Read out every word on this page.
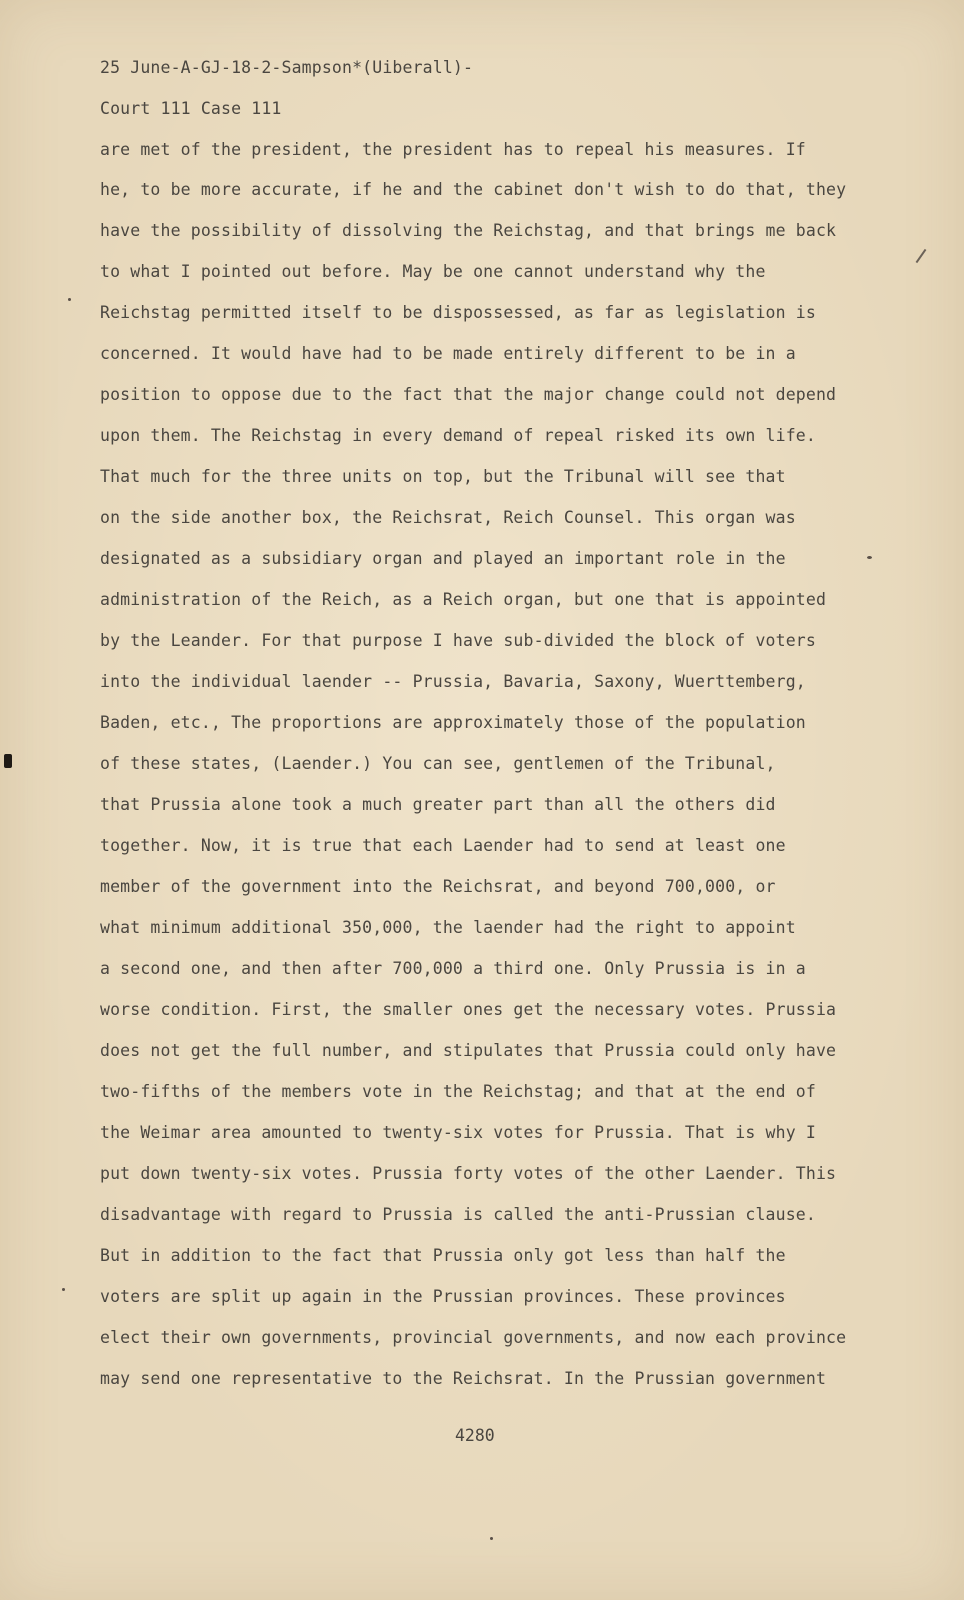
25 June-A-GJ-18-2-Sampson*(Uiberall)-
Court 111 Case 111
are met of the president, the president has to repeal his measures. If
he, to be more accurate, if he and the cabinet don't wish to do that, they
have the possibility of dissolving the Reichstag, and that brings me back
to what I pointed out before. May be one cannot understand why the
Reichstag permitted itself to be dispossessed, as far as legislation is
concerned. It would have had to be made entirely different to be in a
position to oppose due to the fact that the major change could not depend
upon them. The Reichstag in every demand of repeal risked its own life.
That much for the three units on top, but the Tribunal will see that
on the side another box, the Reichsrat, Reich Counsel. This organ was
designated as a subsidiary organ and played an important role in the
administration of the Reich, as a Reich organ, but one that is appointed
by the Leander. For that purpose I have sub-divided the block of voters
into the individual laender -- Prussia, Bavaria, Saxony, Wuerttemberg,
Baden, etc., The proportions are approximately those of the population
of these states, (Laender.) You can see, gentlemen of the Tribunal,
that Prussia alone took a much greater part than all the others did
together. Now, it is true that each Laender had to send at least one
member of the government into the Reichsrat, and beyond 700,000, or
what minimum additional 350,000, the laender had the right to appoint
a second one, and then after 700,000 a third one. Only Prussia is in a
worse condition. First, the smaller ones get the necessary votes. Prussia
does not get the full number, and stipulates that Prussia could only have
two-fifths of the members vote in the Reichstag; and that at the end of
the Weimar area amounted to twenty-six votes for Prussia. That is why I
put down twenty-six votes. Prussia forty votes of the other Laender. This
disadvantage with regard to Prussia is called the anti-Prussian clause.
But in addition to the fact that Prussia only got less than half the
voters are split up again in the Prussian provinces. These provinces
elect their own governments, provincial governments, and now each province
may send one representative to the Reichsrat. In the Prussian government
4280
